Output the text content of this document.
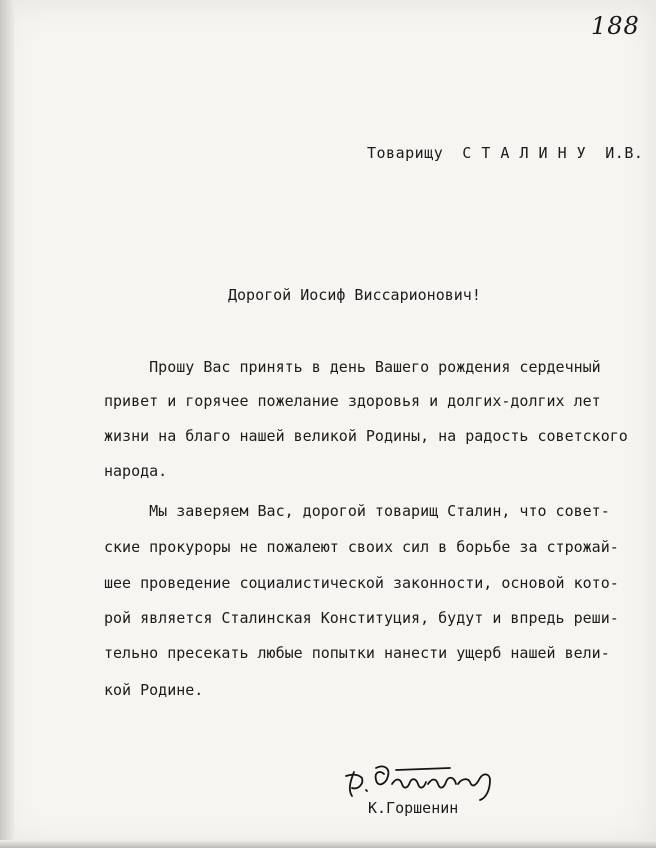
188
Товарищу  С Т А Л И Н У  И.В.
Дорогой Иосиф Виссарионович!
Прошу Вас принять в день Вашего рождения сердечный
привет и горячее пожелание здоровья и долгих-долгих лет
жизни на благо нашей великой Родины, на радость советского
народа.
Мы заверяем Вас, дорогой товарищ Сталин, что совет-
ские прокуроры не пожалеют своих сил в борьбе за строжай-
шее проведение социалистической законности, основой кото-
рой является Сталинская Конституция, будут и впредь реши-
тельно пресекать любые попытки нанести ущерб нашей вели-
кой Родине.
К.Горшенин
